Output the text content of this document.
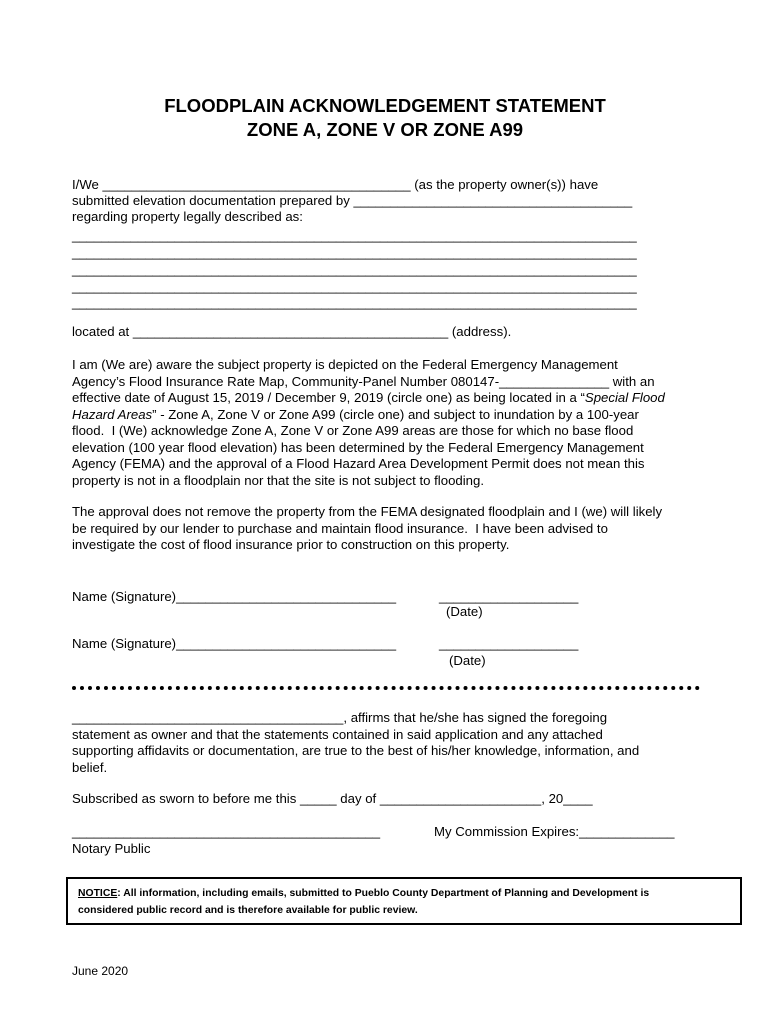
FLOODPLAIN ACKNOWLEDGEMENT STATEMENT
ZONE A, ZONE V OR ZONE A99
I/We __________________________________________ (as the property owner(s)) have
submitted elevation documentation prepared by ______________________________________
regarding property legally described as:
_____________________________________________________________________________
_____________________________________________________________________________
_____________________________________________________________________________
_____________________________________________________________________________
_____________________________________________________________________________
located at ___________________________________________ (address).
I am (We are) aware the subject property is depicted on the Federal Emergency Management
Agency’s Flood Insurance Rate Map, Community-Panel Number 080147-_______________ with an
effective date of August 15, 2019 / December 9, 2019 (circle one) as being located in a “Special Flood
Hazard Areas” - Zone A, Zone V or Zone A99 (circle one) and subject to inundation by a 100-year
flood.  I (We) acknowledge Zone A, Zone V or Zone A99 areas are those for which no base flood
elevation (100 year flood elevation) has been determined by the Federal Emergency Management
Agency (FEMA) and the approval of a Flood Hazard Area Development Permit does not mean this
property is not in a floodplain nor that the site is not subject to flooding.
The approval does not remove the property from the FEMA designated floodplain and I (we) will likely
be required by our lender to purchase and maintain flood insurance.  I have been advised to
investigate the cost of flood insurance prior to construction on this property.
Name (Signature)______________________________	___________________
(Date)
Name (Signature)______________________________	___________________
(Date)
_____________________________________, affirms that he/she has signed the foregoing
statement as owner and that the statements contained in said application and any attached
supporting affidavits or documentation, are true to the best of his/her knowledge, information, and
belief.
Subscribed as sworn to before me this _____ day of ______________________, 20____
__________________________________________	My Commission Expires:_____________
Notary Public
NOTICE: All information, including emails, submitted to Pueblo County Department of Planning and Development is
considered public record and is therefore available for public review.
June 2020
